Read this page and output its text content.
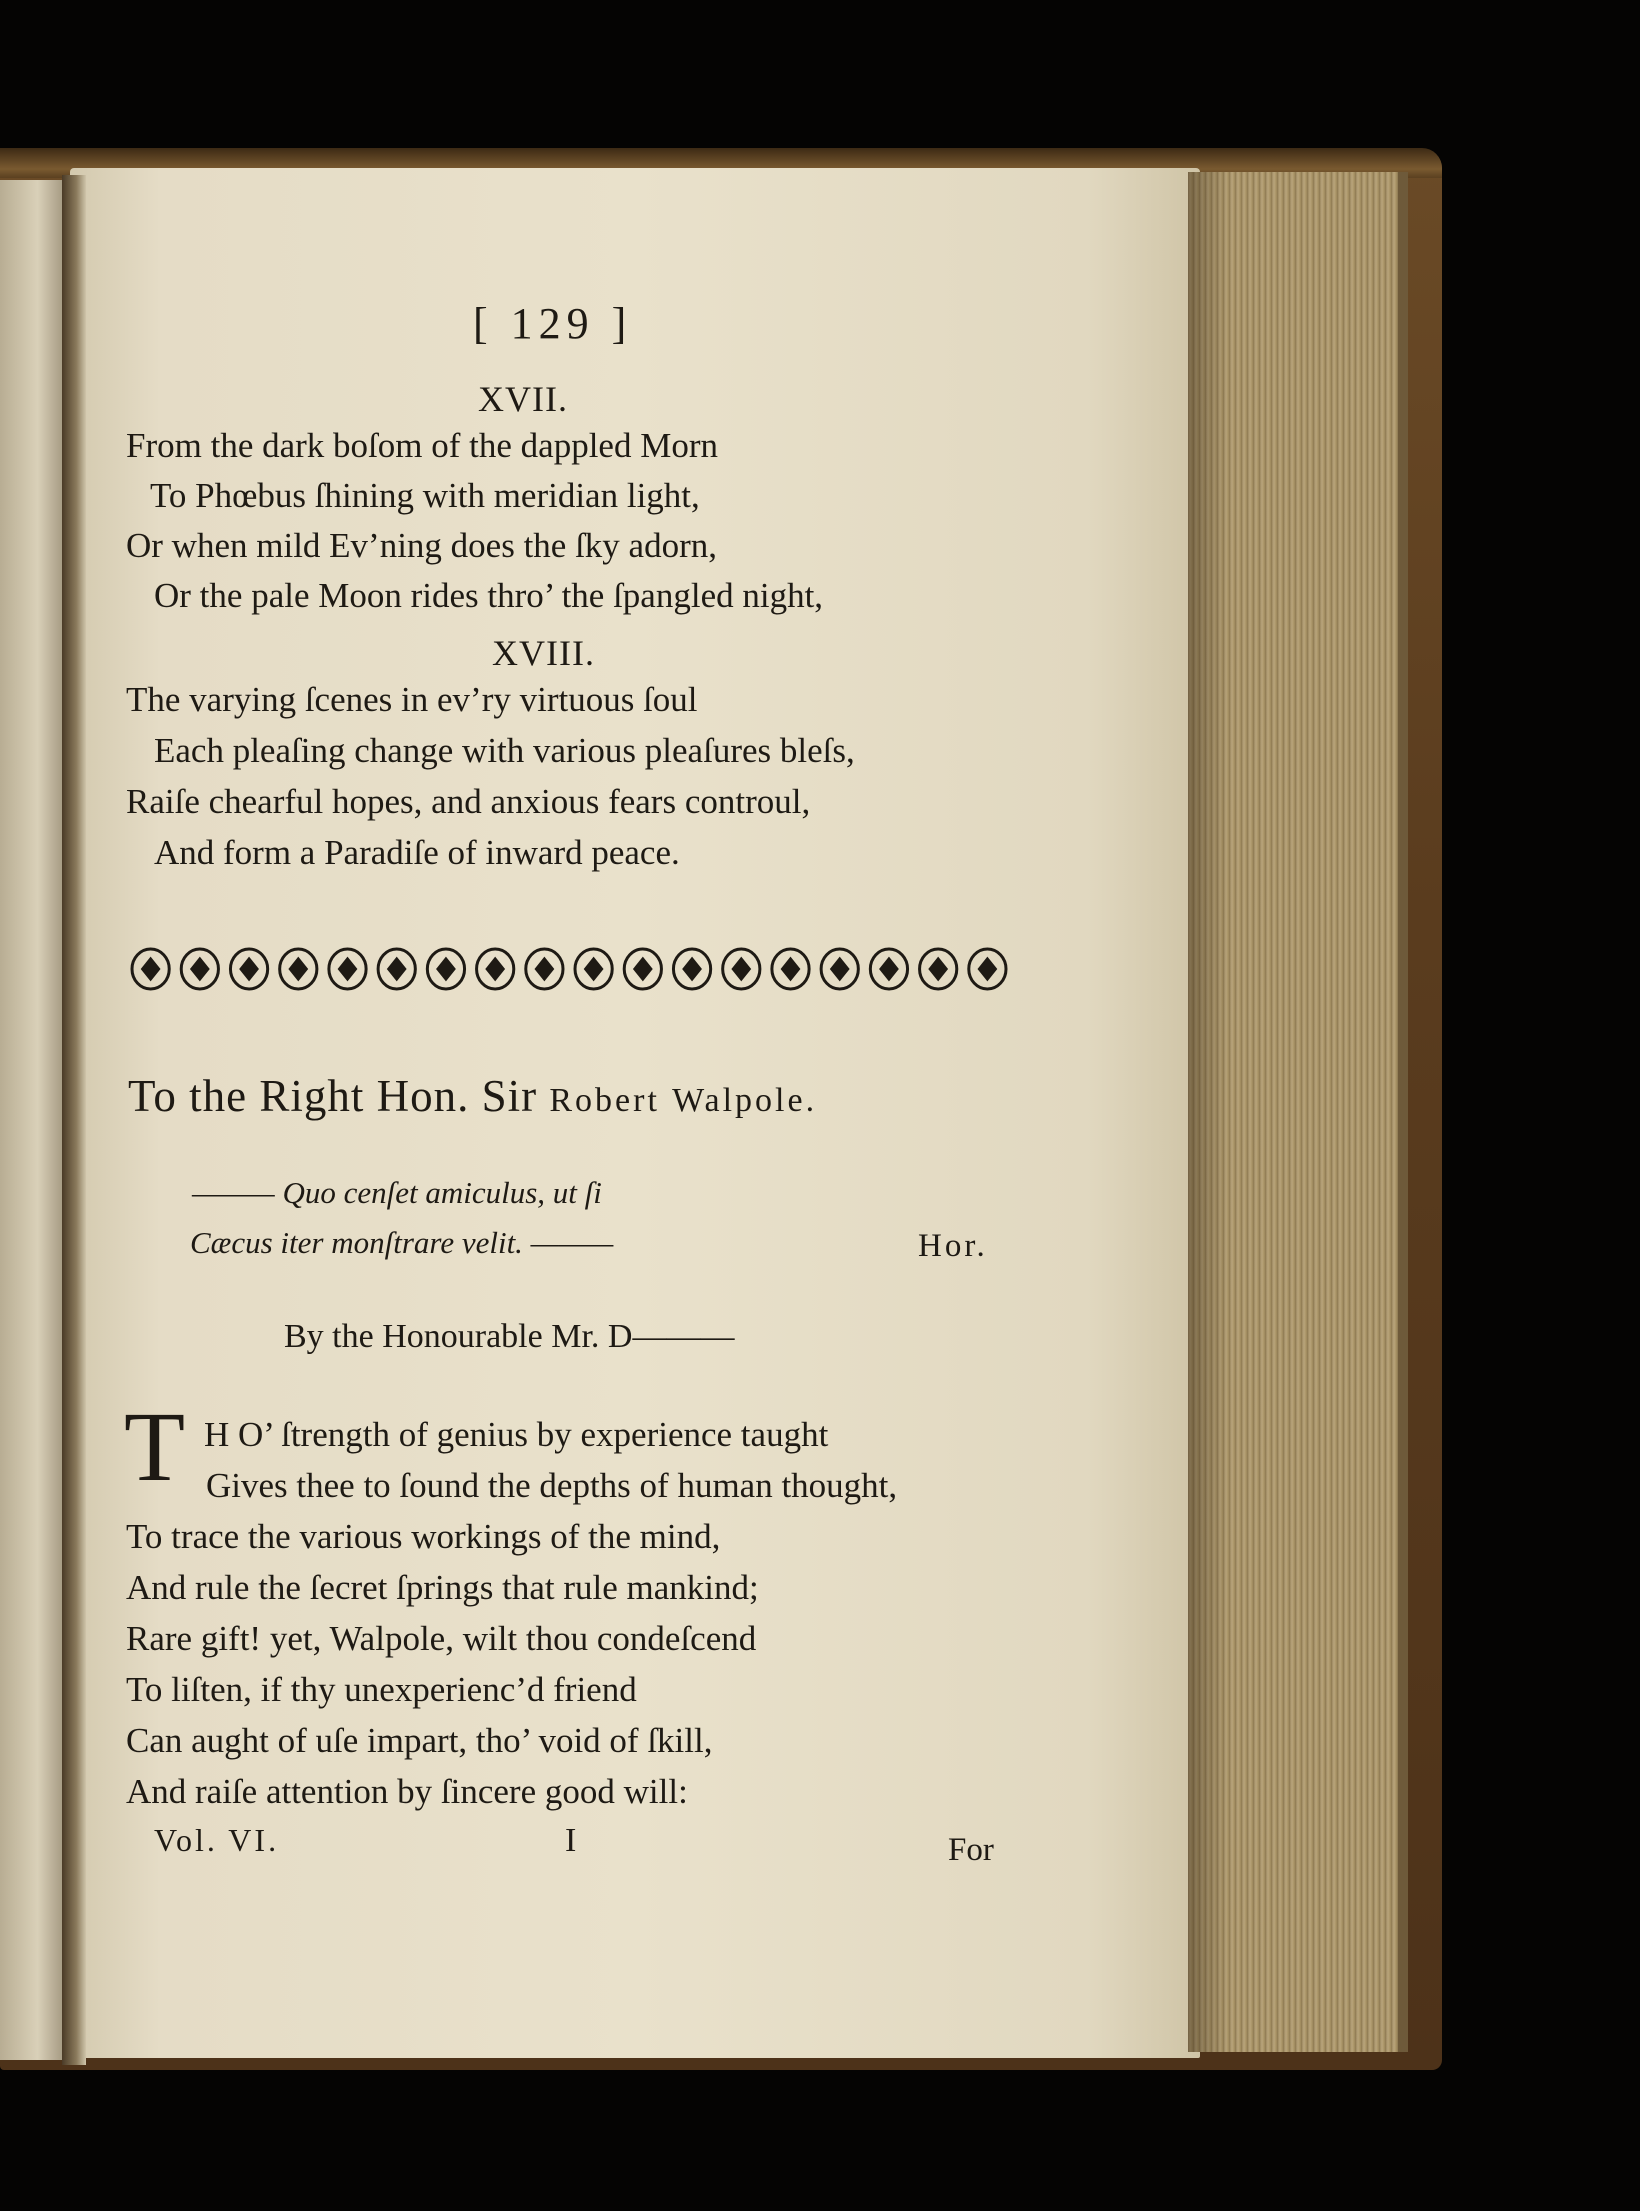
[ 129 ]
XVII.
From the dark boſom of the dappled Morn
To Phœbus ſhining with meridian light,
Or when mild Ev’ning does the ſky adorn,
Or the pale Moon rides thro’ the ſpangled night,
XVIII.
The varying ſcenes in ev’ry virtuous ſoul
Each pleaſing change with various pleaſures bleſs,
Raiſe chearful hopes, and anxious fears controul,
And form a Paradiſe of inward peace.
To the Right Hon. Sir Robert Walpole.
——— Quo cenſet amiculus, ut ſi
Cæcus iter monſtrare velit. ———	Hor.
By the Honourable Mr. D———
T H O’ ſtrength of genius by experience taught
Gives thee to ſound the depths of human thought,
To trace the various workings of the mind,
And rule the ſecret ſprings that rule mankind;
Rare gift! yet, Walpole, wilt thou condeſcend
To liſten, if thy unexperienc’d friend
Can aught of uſe impart, tho’ void of ſkill,
And raiſe attention by ſincere good will:
Vol. VI.	I	For
